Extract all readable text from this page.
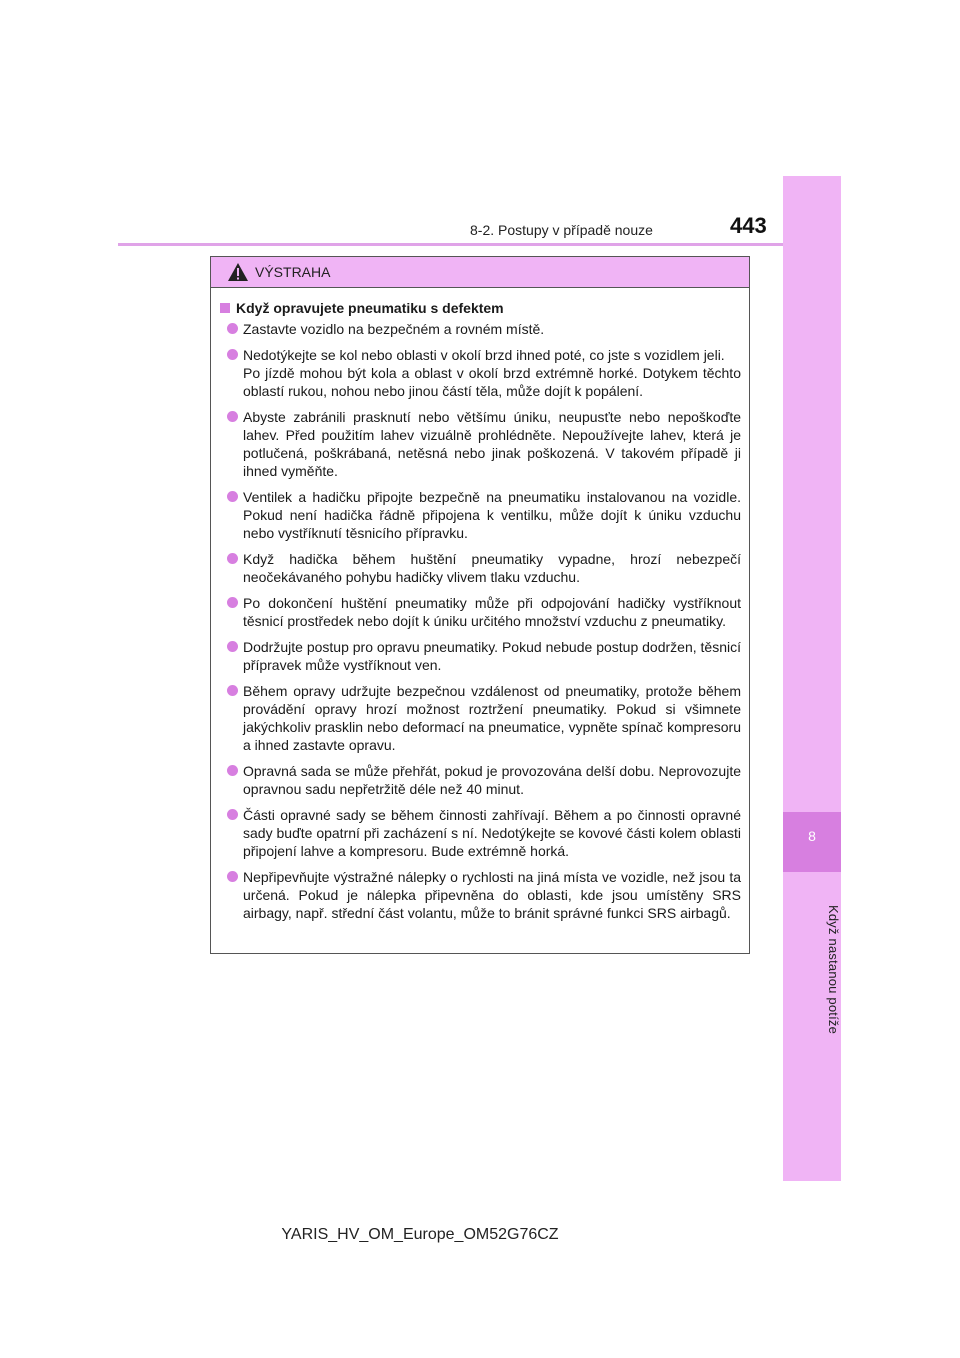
8
Když nastanou potíže
8-2. Postupy v případě nouze	443
VÝSTRAHA
Když opravujete pneumatiku s defektem
Zastavte vozidlo na bezpečném a rovném místě.
Nedotýkejte se kol nebo oblasti v okolí brzd ihned poté, co jste s vozidlem jeli.
Po jízdě mohou být kola a oblast v okolí brzd extrémně horké. Dotykem těchto oblastí rukou, nohou nebo jinou částí těla, může dojít k popálení.
Abyste zabránili prasknutí nebo většímu úniku, neupusťte nebo nepoškoďte lahev. Před použitím lahev vizuálně prohlédněte. Nepoužívejte lahev, která je potlučená, poškrábaná, netěsná nebo jinak poškozená. V takovém případě ji ihned vyměňte.
Ventilek a hadičku připojte bezpečně na pneumatiku instalovanou na vozidle. Pokud není hadička řádně připojena k ventilku, může dojít k úniku vzduchu nebo vystříknutí těsnicího přípravku.
Když hadička během huštění pneumatiky vypadne, hrozí nebezpečí neočekávaného pohybu hadičky vlivem tlaku vzduchu.
Po dokončení huštění pneumatiky může při odpojování hadičky vystříknout těsnicí prostředek nebo dojít k úniku určitého množství vzduchu z pneumatiky.
Dodržujte postup pro opravu pneumatiky. Pokud nebude postup dodržen, těsnicí přípravek může vystříknout ven.
Během opravy udržujte bezpečnou vzdálenost od pneumatiky, protože během provádění opravy hrozí možnost roztržení pneumatiky. Pokud si všimnete jakýchkoliv prasklin nebo deformací na pneumatice, vypněte spínač kompresoru a ihned zastavte opravu.
Opravná sada se může přehřát, pokud je provozována delší dobu. Neprovozujte opravnou sadu nepřetržitě déle než 40 minut.
Části opravné sady se během činnosti zahřívají. Během a po činnosti opravné sady buďte opatrní při zacházení s ní. Nedotýkejte se kovové části kolem oblasti připojení lahve a kompresoru. Bude extrémně horká.
Nepřipevňujte výstražné nálepky o rychlosti na jiná místa ve vozidle, než jsou ta určená. Pokud je nálepka připevněna do oblasti, kde jsou umístěny SRS airbagy, např. střední část volantu, může to bránit správné funkci SRS airbagů.
YARIS_HV_OM_Europe_OM52G76CZ
